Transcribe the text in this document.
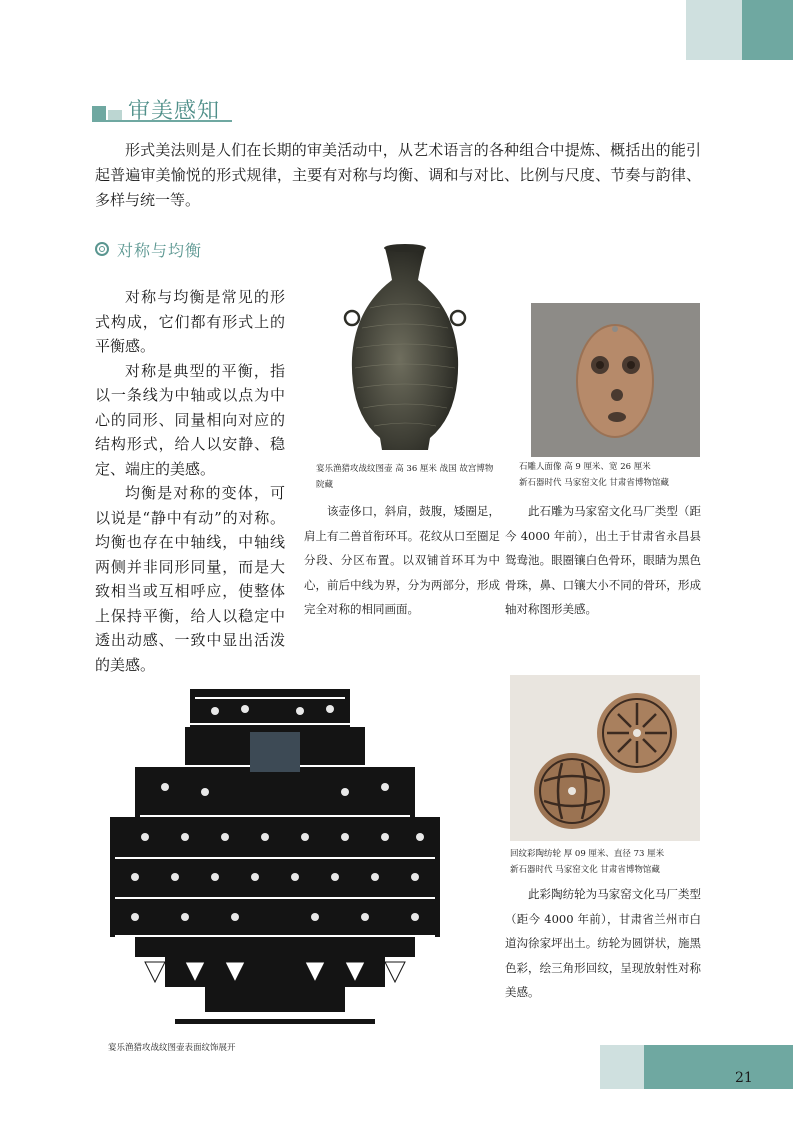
审美感知
形式美法则是人们在长期的审美活动中，从艺术语言的各种组合中提炼、概括出的能引起普遍审美愉悦的形式规律，主要有对称与均衡、调和与对比、比例与尺度、节奏与韵律、多样与统一等。
对称与均衡

对称与均衡是常见的形式构成，它们都有形式上的平衡感。

对称是典型的平衡，指以一条线为中轴或以点为中心的同形、同量相向对应的结构形式，给人以安静、稳定、端庄的美感。

均衡是对称的变体，可以说是“静中有动”的对称。均衡也存在中轴线，中轴线两侧并非同形同量，而是大致相当或互相呼应，使整体上保持平衡，给人以稳定中透出动感、一致中显出活泼的美感。

宴乐渔猎攻战纹图壶 高 36 厘米 战国 故宫博物院藏

该壶侈口，斜肩，鼓腹，矮圈足，肩上有二兽首衔环耳。花纹从口至圈足分段、分区布置。以双铺首环耳为中心，前后中线为界，分为两部分，形成完全对称的相同画面。

石雕人面像 高 9 厘米、宽 26 厘米
新石器时代 马家窑文化 甘肃省博物馆藏

此石雕为马家窑文化马厂类型（距今 4000 年前），出土于甘肃省永昌县鸳鸯池。眼圈镶白色骨环，眼睛为黑色骨珠，鼻、口镶大小不同的骨环，形成轴对称图形美感。

宴乐渔猎攻战纹图壶表面纹饰展开
回纹彩陶纺轮 厚 09 厘米、直径 73 厘米
新石器时代 马家窑文化 甘肃省博物馆藏

此彩陶纺轮为马家窑文化马厂类型（距今 4000 年前），甘肃省兰州市白道沟徐家坪出土。纺轮为圆饼状，施黑色彩，绘三角形回纹，呈现放射性对称美感。

21
